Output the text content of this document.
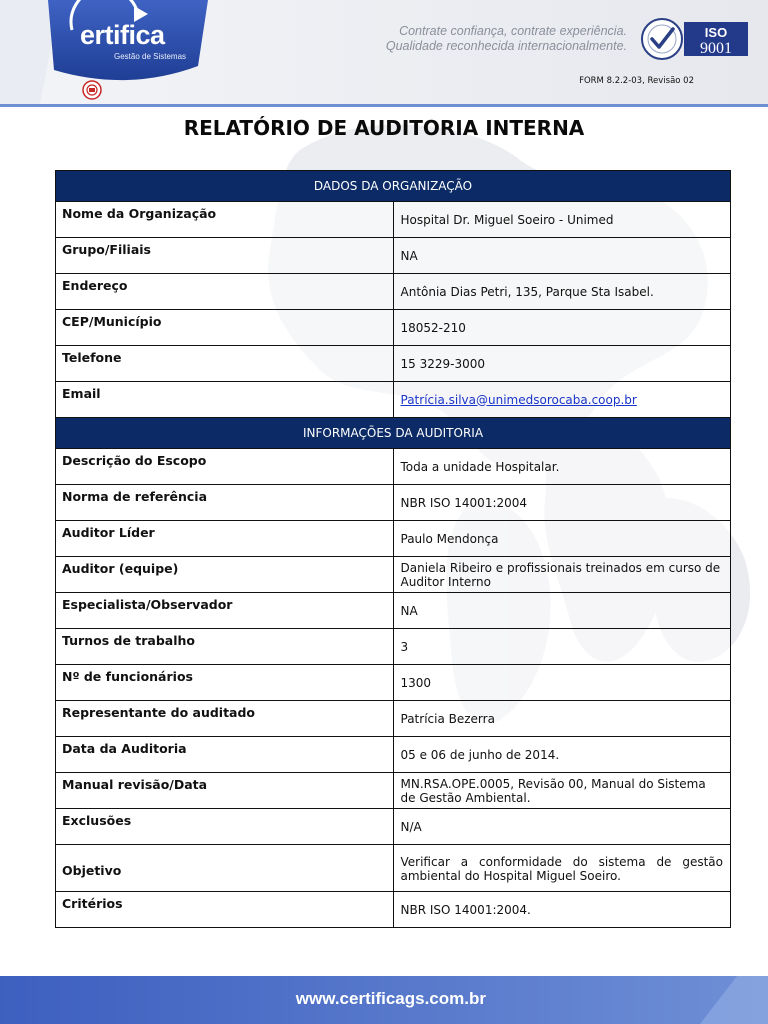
ertifica
Gestão de Sistemas
Contrate confiança, contrate experiência.
Qualidade reconhecida internacionalmente.
ISO
9001
FORM 8.2.2-03, Revisão 02
RELATÓRIO DE AUDITORIA INTERNA
DADOS DA ORGANIZAÇÃO	
Nome da Organização	Hospital Dr. Miguel Soeiro - Unimed
Grupo/Filiais	NA
Endereço	Antônia Dias Petri, 135, Parque Sta Isabel.
CEP/Município	18052-210
Telefone	15 3229-3000
Email	Patrícia.silva@unimedsorocaba.coop.br
INFORMAÇÕES DA AUDITORIA	
Descrição do Escopo	Toda a unidade Hospitalar.
Norma de referência	NBR ISO 14001:2004
Auditor Líder	Paulo Mendonça
Auditor (equipe)	Daniela Ribeiro e profissionais treinados em curso de Auditor Interno
Especialista/Observador	NA
Turnos de trabalho	3
Nº de funcionários	1300
Representante do auditado	Patrícia Bezerra
Data da Auditoria	05 e 06 de junho de 2014.
Manual revisão/Data	MN.RSA.OPE.0005, Revisão 00, Manual do Sistema de Gestão Ambiental.
Exclusões	N/A
Objetivo	Verificar a conformidade do sistema de gestão ambiental do Hospital Miguel Soeiro.
Critérios	NBR ISO 14001:2004.
www.certificags.com.br
